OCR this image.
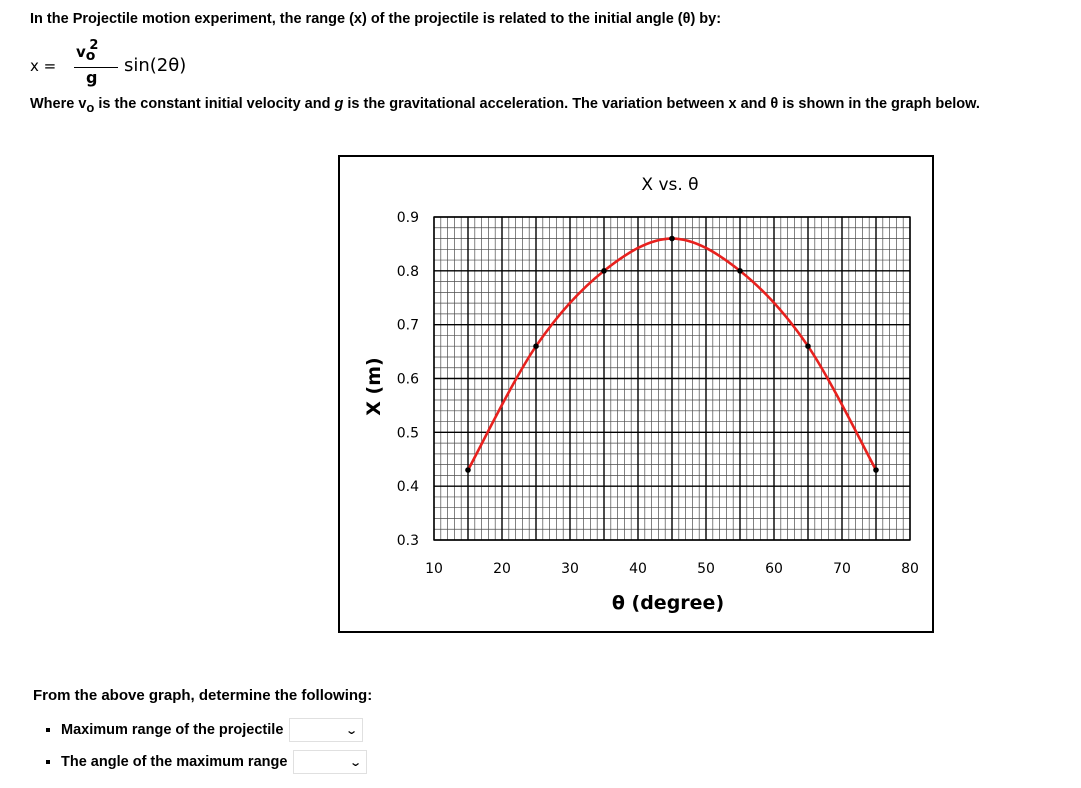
In the Projectile motion experiment, the range (x) of the projectile is related to the initial angle (θ) by:
x =
$v_o^2$
g
sin(2θ)
Where $v_o$ is the constant initial velocity and g is the gravitational acceleration. The variation between x and θ is shown in the graph below.
X vs. θ
0.3
0.4
0.5
0.6
0.7
0.8
0.9
10	20	30	40	50	60	70	80
θ (degree)
X (m)
From the above graph, determine the following:
Maximum range of the projectile	⌄
The angle of the maximum range	⌄
